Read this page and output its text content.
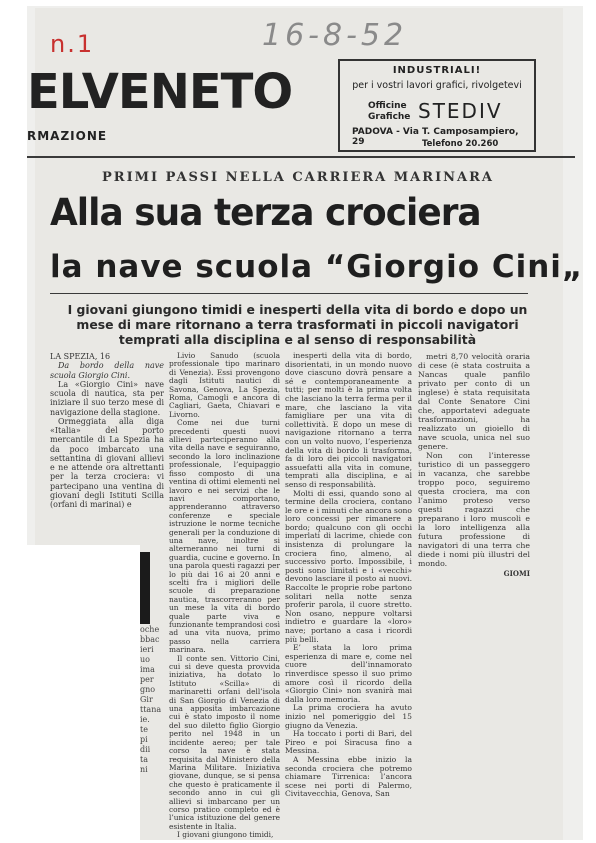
n.1	16-8-52
ELVENETO
RMAZIONE
INDUSTRIALI!
per i vostri lavori grafici, rivolgetevi
Officine
Grafiche STEDIV
PADOVA - Via T. Camposampiero, 29	Telefono 20.260
PRIMI PASSI NELLA CARRIERA MARINARA
Alla sua terza crociera
la nave scuola “Giorgio Cini„
I giovani giungono timidi e inesperti della vita di bordo e dopo un mese di mare ritornano a terra trasformati in piccoli navigatori temprati alla disciplina e al senso di responsabilità

LA SPEZIA, 16

Da bordo della nave scuola Giorgio Cini.

La «Giorgio Cini» nave scuola di nautica, sta per iniziare il suo terzo mese di navigazione della stagione.

Ormeggiata alla diga «Italia» del porto mercantile di La Spezia ha da poco imbarcato una settantina di giovani allievi e ne attende ora altrettanti per la terza crociera: vi partecipano una ventina di giovani degli Istituti Scilla (orfani di marinai) e

Livio Sanudo (scuola professionale tipo marinaro di Venezia). Essi provengono dagli Istituti nautici di Savona, Genova, La Spezia, Roma, Camogli e ancora di Cagliari, Gaeta, Chiavari e Livorno.

Come nei due turni precedenti questi nuovi allievi parteciperanno alla vita della nave e seguiranno, secondo la loro inclinazione professionale, l’equipaggio fisso composto di una ventina di ottimi elementi nel lavoro e nei servizi che le navi comportano, apprenderanno attraverso conferenze e speciale istruzione le norme tecniche generali per la conduzione di una nave, inoltre si alterneranno nei turni di guardia, cucine e governo. In una parola questi ragazzi per lo più dai 16 ai 20 anni e scelti fra i migliori delle scuole di preparazione nautica, trascorreranno per un mese la vita di bordo quale parte viva e funzionante temprandosi così ad una vita nuova, primo passo nella carriera marinara.

Il conte sen. Vittorio Cini, cui si deve questa provvida iniziativa, ha dotato lo Istituto «Scilla» di marinaretti orfani dell’isola di San Giorgio di Venezia di una apposita imbarcazione cui è stato imposto il nome del suo diletto figlio Giorgio perito nel 1948 in un incidente aereo; per tale corso la nave è stata requisita dal Ministero della Marina Militare. Iniziativa giovane, dunque, se si pensa che questo è praticamente il secondo anno in cui gli allievi si imbarcano per un corso pratico completo ed è l’unica istituzione del genere esistente in Italia.

I giovani giungono timidi,

inesperti della vita di bordo, disorientati, in un mondo nuovo dove ciascuno dovrà pensare a sé e contemporaneamente a tutti; per molti è la prima volta che lasciano la terra ferma per il mare, che lasciano la vita famigliare per una vita di collettività. E dopo un mese di navigazione ritornano a terra con un volto nuovo, l’esperienza della vita di bordo li trasforma, fa di loro dei piccoli navigatori assuefatti alla vita in comune, temprati alla disciplina, e al senso di responsabilità.

Molti di essi, quando sono al termine della crociera, contano le ore e i minuti che ancora sono loro concessi per rimanere a bordo; qualcuno con gli occhi imperlati di lacrime, chiede con insistenza di prolungare la crociera fino, almeno, al successivo porto. Impossibile, i posti sono limitati e i «vecchi» devono lasciare il posto ai nuovi. Raccolte le proprie robe partono solitari nella notte senza proferir parola, il cuore stretto. Non osano, neppure voltarsi indietro e guardare la «loro» nave; portano a casa i ricordi più belli.

E’ stata la loro prima esperienza di mare e, come nel cuore dell’innamorato rinverdisce spesso il suo primo amore così il ricordo della «Giorgio Cini» non svanirà mai dalla loro memoria.

La prima crociera ha avuto inizio nel pomeriggio del 15 giugno da Venezia.

Ha toccato i porti di Bari, del Pireo e poi Siracusa fino a Messina.

A Messina ebbe inizio la seconda crociera che potremo chiamare Tirrenica: l’ancora scese nei porti di Palermo, Civitavecchia, Genova, San

metri 8,70 velocità oraria di cese (è stata costruita a Nancas quale panfilo privato per conto di un inglese) è stata requisitata dal Conte Senatore Cini che, apportatevi adeguate trasformazioni, ha realizzato un gioiello di nave scuola, unica nel suo genere.

Non con l’interesse turistico di un passeggero in vacanza, che sarebbe troppo poco, seguiremo questa crociera, ma con l’animo proteso verso questi ragazzi che preparano i loro muscoli e la loro intelligenza alla futura professione di navigatori di una terra che diede i nomi più illustri del mondo.

GIOMI

oche
bbac
ieri
uo
ima
per
gno
Gir
ttana
ie.
te
pi
dii
ta
ni
